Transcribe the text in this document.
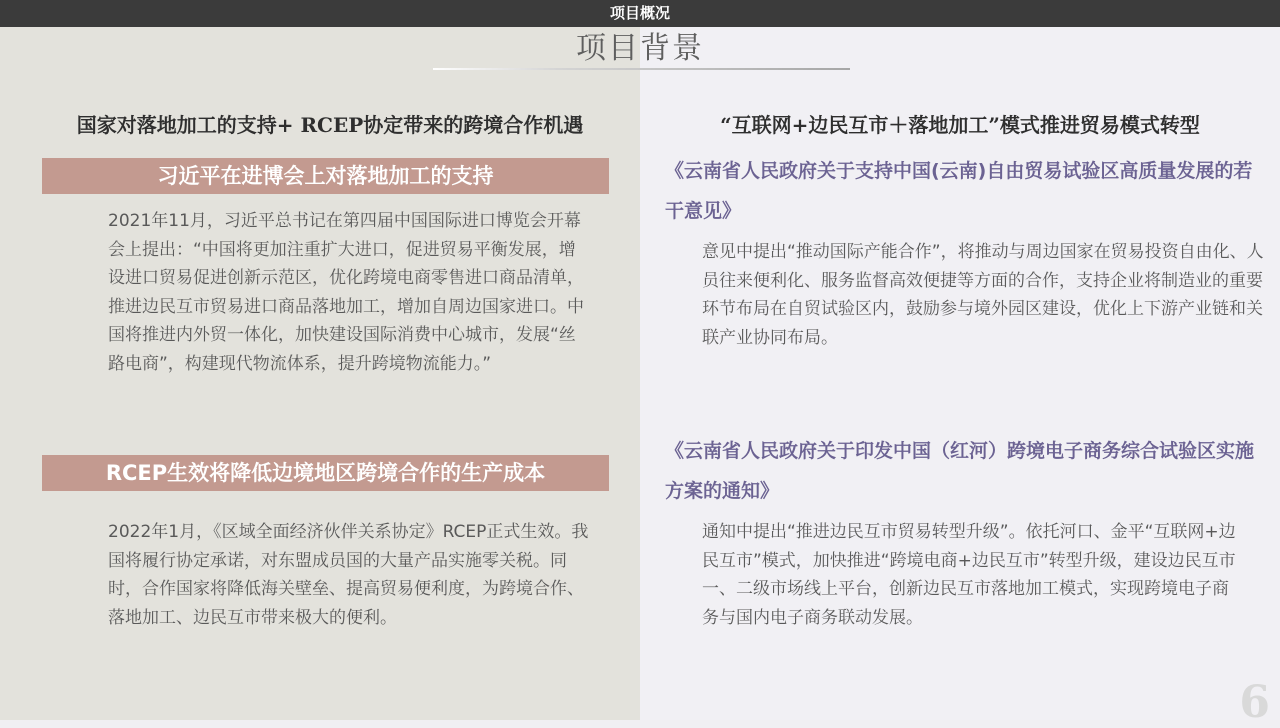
项目概况
项目背景
国家对落地加工的支持+ RCEP协定带来的跨境合作机遇	“互联网+边民互市＋落地加工”模式推进贸易模式转型
习近平在进博会上对落地加工的支持

2021年11月，习近平总书记在第四届中国国际进口博览会开幕会上提出：“中国将更加注重扩大进口，促进贸易平衡发展，增设进口贸易促进创新示范区，优化跨境电商零售进口商品清单，推进边民互市贸易进口商品落地加工，增加自周边国家进口。中国将推进内外贸一体化，加快建设国际消费中心城市，发展“丝路电商”，构建现代物流体系，提升跨境物流能力。”

RCEP生效将降低边境地区跨境合作的生产成本

2022年1月，《区域全面经济伙伴关系协定》RCEP正式生效。我国将履行协定承诺，对东盟成员国的大量产品实施零关税。同时，合作国家将降低海关壁垒、提高贸易便利度，为跨境合作、落地加工、边民互市带来极大的便利。

《云南省人民政府关于支持中国(云南)自由贸易试验区高质量发展的若干意见》

意见中提出“推动国际产能合作”，将推动与周边国家在贸易投资自由化、人员往来便利化、服务监督高效便捷等方面的合作，支持企业将制造业的重要环节布局在自贸试验区内，鼓励参与境外园区建设，优化上下游产业链和关联产业协同布局。

《云南省人民政府关于印发中国（红河）跨境电子商务综合试验区实施方案的通知》

通知中提出“推进边民互市贸易转型升级”。依托河口、金平“互联网+边民互市”模式，加快推进“跨境电商+边民互市”转型升级，建设边民互市一、二级市场线上平台，创新边民互市落地加工模式，实现跨境电子商务与国内电子商务联动发展。

6
